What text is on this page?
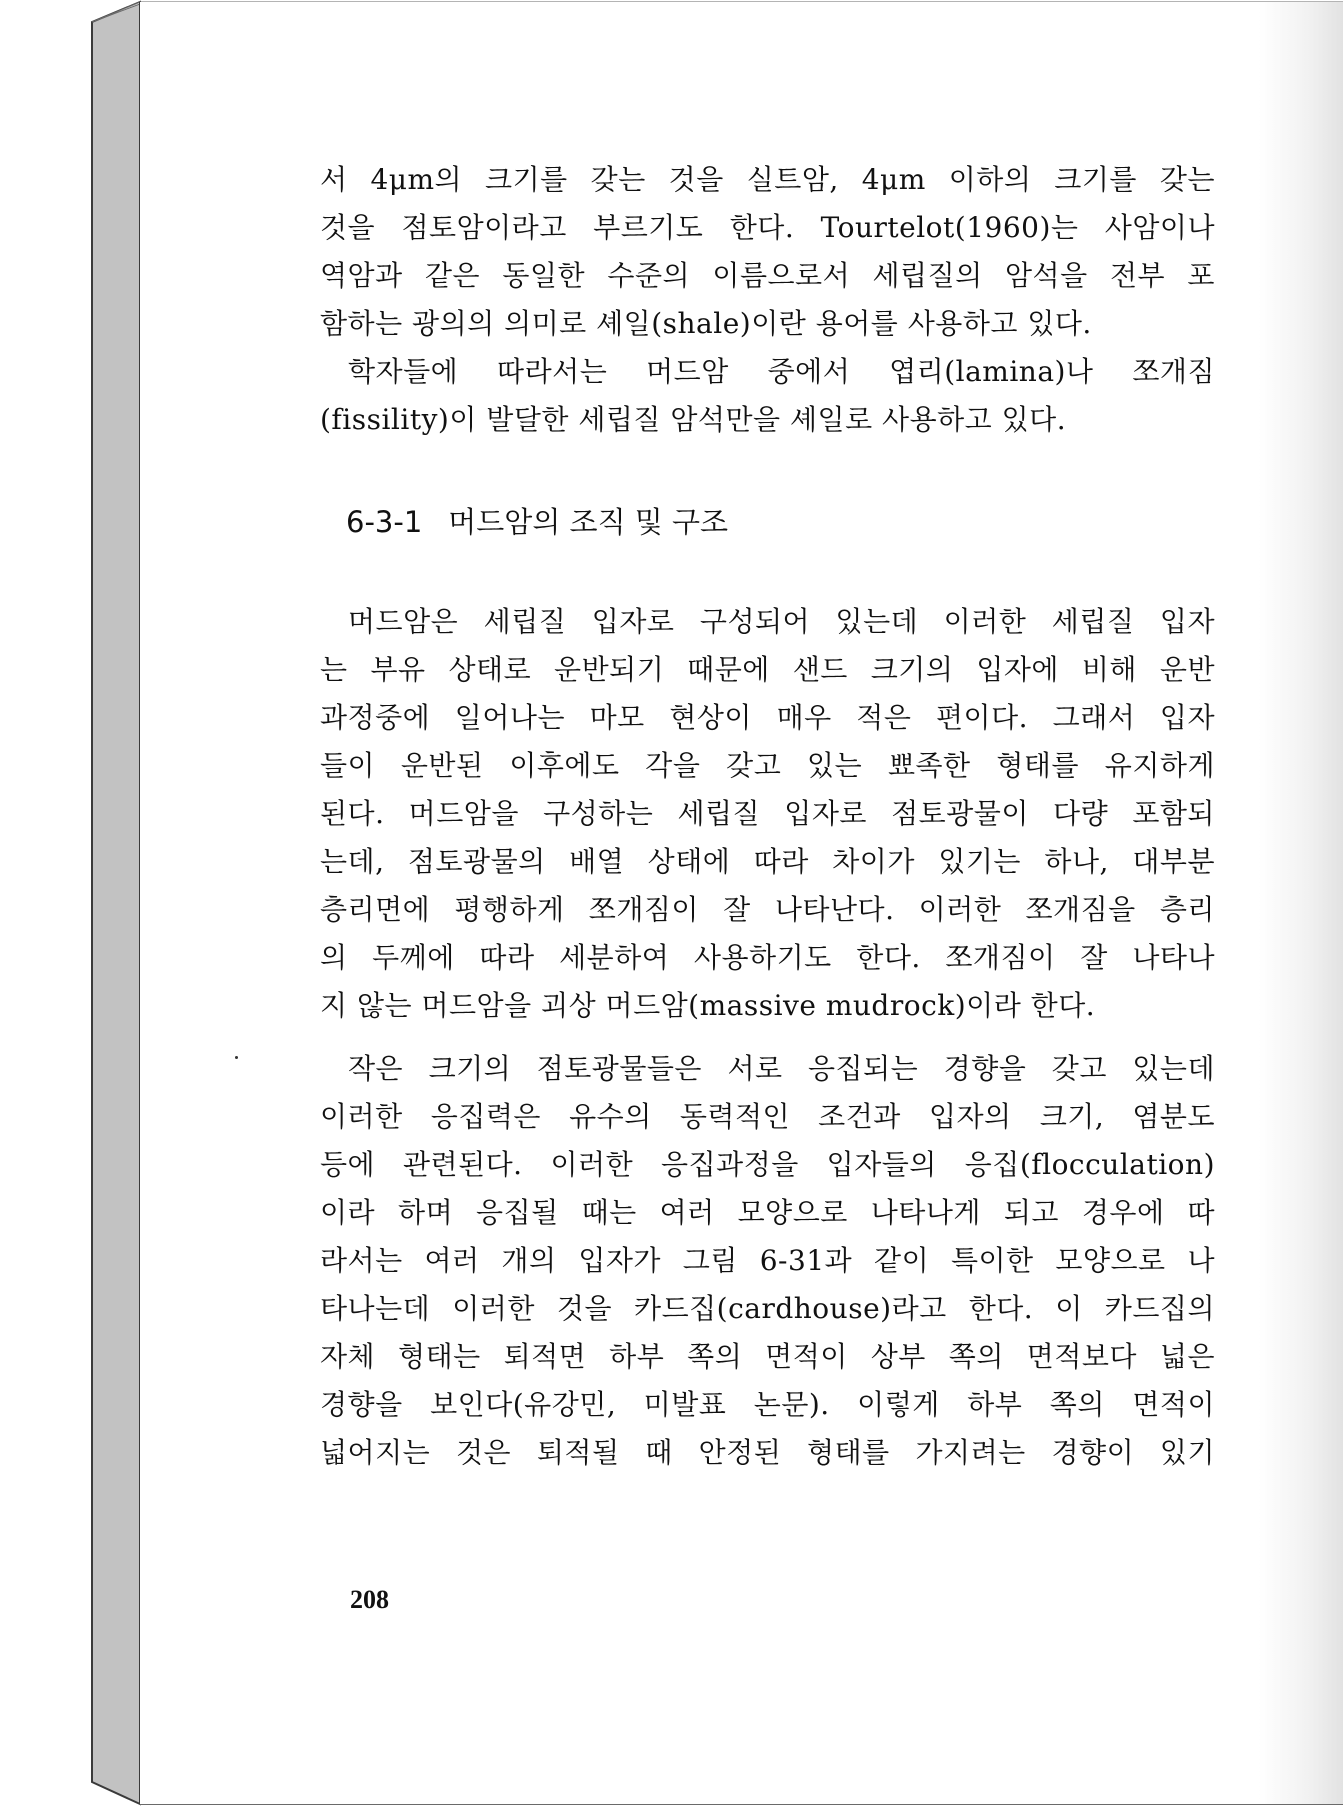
서 4μm의 크기를 갖는 것을 실트암, 4μm 이하의 크기를 갖는
것을 점토암이라고 부르기도 한다. Tourtelot(1960)는 사암이나
역암과 같은 동일한 수준의 이름으로서 세립질의 암석을 전부 포
함하는 광의의 의미로 셰일(shale)이란 용어를 사용하고 있다.
학자들에 따라서는 머드암 중에서 엽리(lamina)나 쪼개짐
(fissility)이 발달한 세립질 암석만을 셰일로 사용하고 있다.
6-3-1 머드암의 조직 및 구조
머드암은 세립질 입자로 구성되어 있는데 이러한 세립질 입자
는 부유 상태로 운반되기 때문에 샌드 크기의 입자에 비해 운반
과정중에 일어나는 마모 현상이 매우 적은 편이다. 그래서 입자
들이 운반된 이후에도 각을 갖고 있는 뾰족한 형태를 유지하게
된다. 머드암을 구성하는 세립질 입자로 점토광물이 다량 포함되
는데, 점토광물의 배열 상태에 따라 차이가 있기는 하나, 대부분
층리면에 평행하게 쪼개짐이 잘 나타난다. 이러한 쪼개짐을 층리
의 두께에 따라 세분하여 사용하기도 한다. 쪼개짐이 잘 나타나
지 않는 머드암을 괴상 머드암(massive mudrock)이라 한다.
작은 크기의 점토광물들은 서로 응집되는 경향을 갖고 있는데
이러한 응집력은 유수의 동력적인 조건과 입자의 크기, 염분도
등에 관련된다. 이러한 응집과정을 입자들의 응집(flocculation)
이라 하며 응집될 때는 여러 모양으로 나타나게 되고 경우에 따
라서는 여러 개의 입자가 그림 6-31과 같이 특이한 모양으로 나
타나는데 이러한 것을 카드집(cardhouse)라고 한다. 이 카드집의
자체 형태는 퇴적면 하부 쪽의 면적이 상부 쪽의 면적보다 넓은
경향을 보인다(유강민, 미발표 논문). 이렇게 하부 쪽의 면적이
넓어지는 것은 퇴적될 때 안정된 형태를 가지려는 경향이 있기
208
